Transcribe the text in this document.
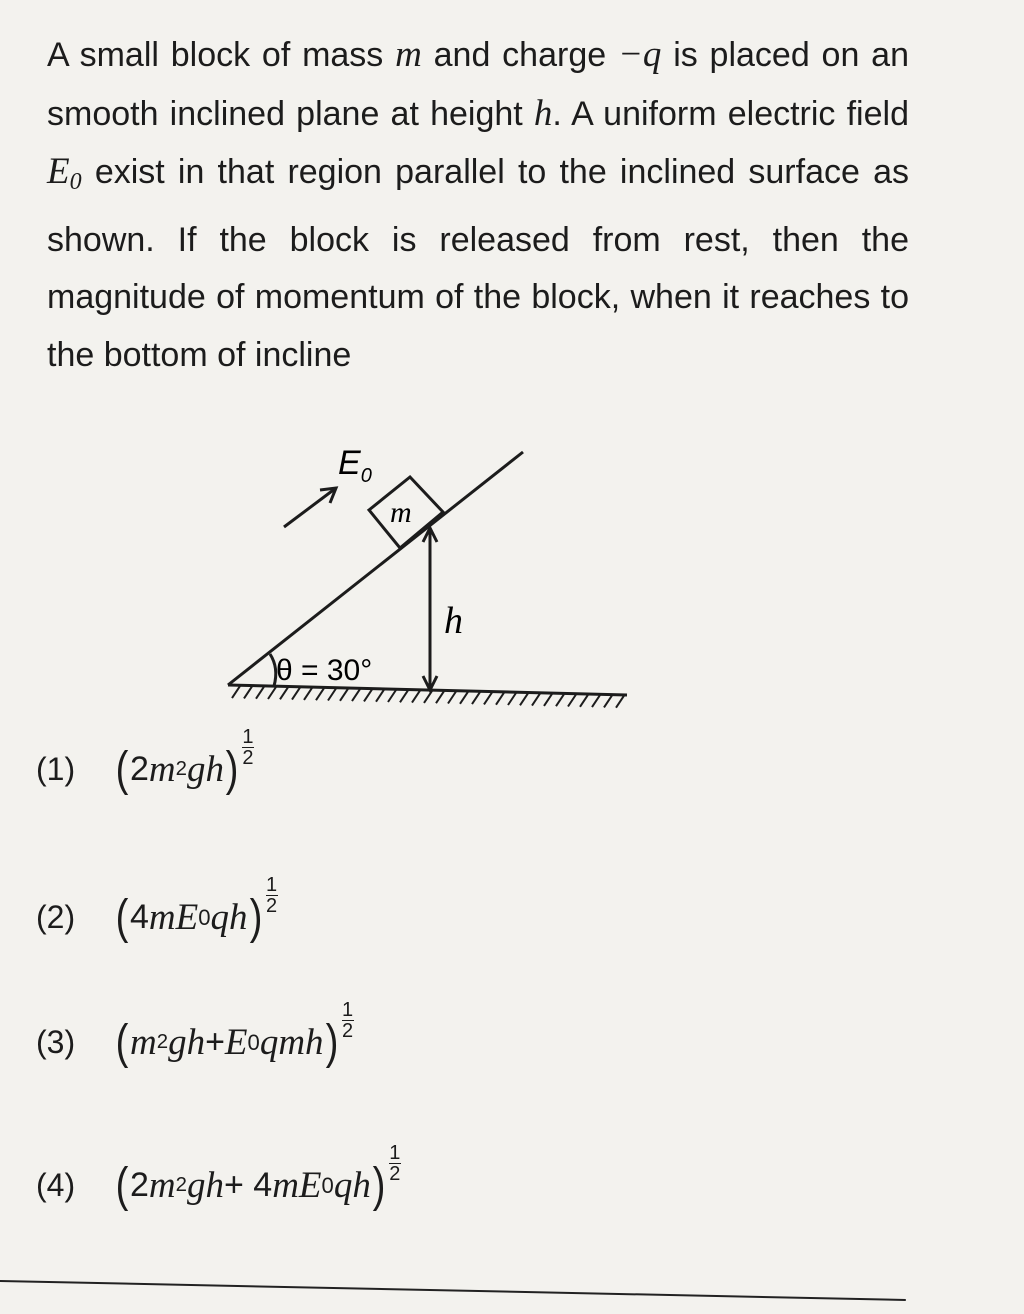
A small block of mass m and charge −q is placed on an smooth inclined plane at height h. A uniform electric field $E_0$ exist in that region parallel to the inclined surface as shown. If the block is released from rest, then the magnitude of momentum of the block, when it reaches to the bottom of incline
$E_0$
m
h
θ = 30°
(1) ( 2 m 2 gh ) $\frac{1}{2}$
(2) ( 4 mE 0 qh ) $\frac{1}{2}$
(3) ( m 2 gh + E 0 qmh ) $\frac{1}{2}$
(4) ( 2 m 2 gh + 4 mE 0 qh ) $\frac{1}{2}$
